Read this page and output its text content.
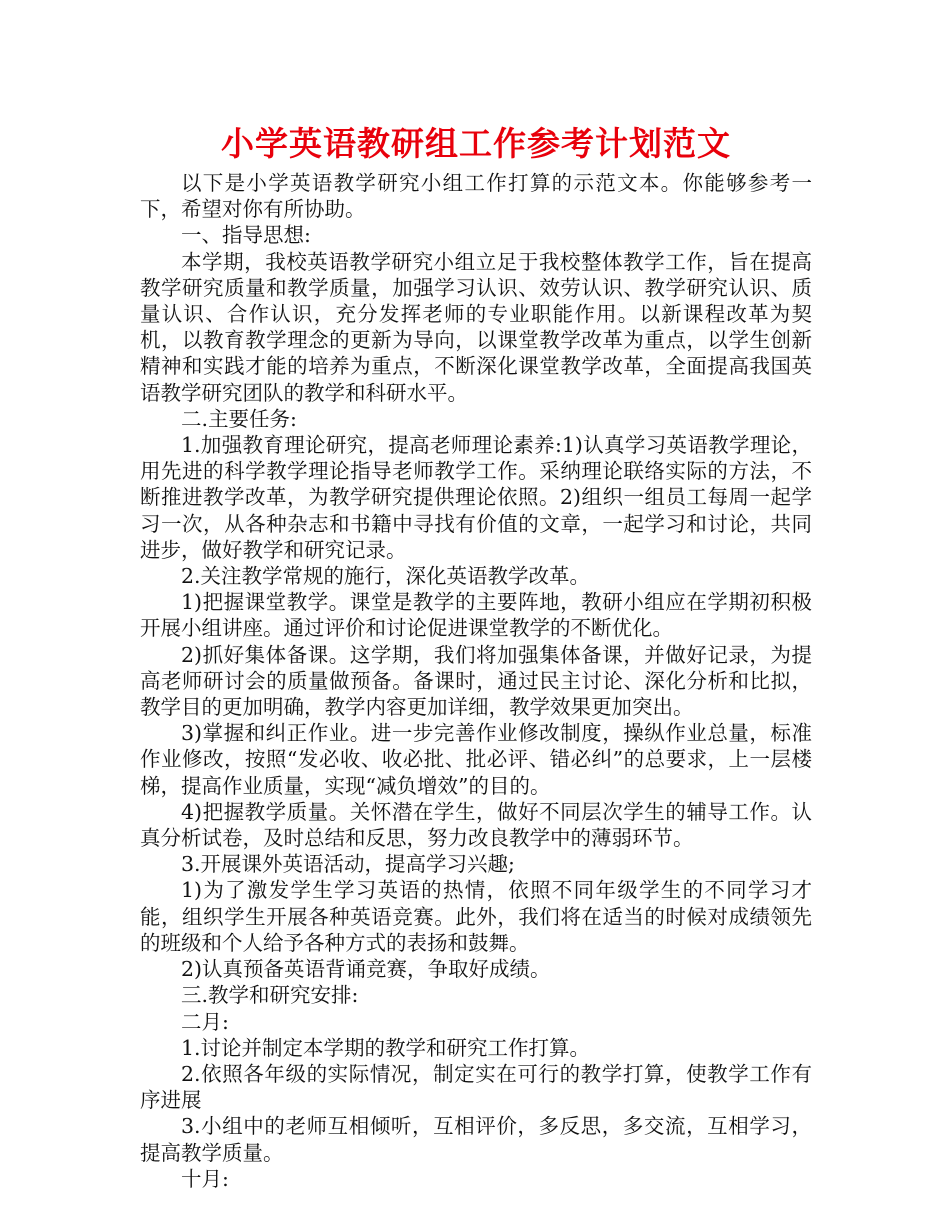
小学英语教研组工作参考计划范文

以下是小学英语教学研究小组工作打算的示范文本。你能够参考一下，希望对你有所协助。

一、指导思想:

本学期，我校英语教学研究小组立足于我校整体教学工作，旨在提高教学研究质量和教学质量，加强学习认识、效劳认识、教学研究认识、质量认识、合作认识，充分发挥老师的专业职能作用。以新课程改革为契机，以教育教学理念的更新为导向，以课堂教学改革为重点，以学生创新精神和实践才能的培养为重点，不断深化课堂教学改革，全面提高我国英语教学研究团队的教学和科研水平。

二.主要任务:

1.加强教育理论研究，提高老师理论素养:1)认真学习英语教学理论，用先进的科学教学理论指导老师教学工作。采纳理论联络实际的方法，不断推进教学改革，为教学研究提供理论依照。2)组织一组员工每周一起学习一次，从各种杂志和书籍中寻找有价值的文章，一起学习和讨论，共同进步，做好教学和研究记录。

2.关注教学常规的施行，深化英语教学改革。

1)把握课堂教学。课堂是教学的主要阵地，教研小组应在学期初积极开展小组讲座。通过评价和讨论促进课堂教学的不断优化。

2)抓好集体备课。这学期，我们将加强集体备课，并做好记录，为提高老师研讨会的质量做预备。备课时，通过民主讨论、深化分析和比拟，教学目的更加明确，教学内容更加详细，教学效果更加突出。

3)掌握和纠正作业。进一步完善作业修改制度，操纵作业总量，标准作业修改，按照“发必收、收必批、批必评、错必纠”的总要求，上一层楼梯，提高作业质量，实现“减负增效”的目的。

4)把握教学质量。关怀潜在学生，做好不同层次学生的辅导工作。认真分析试卷，及时总结和反思，努力改良教学中的薄弱环节。

3.开展课外英语活动，提高学习兴趣;

1)为了激发学生学习英语的热情，依照不同年级学生的不同学习才能，组织学生开展各种英语竞赛。此外，我们将在适当的时候对成绩领先的班级和个人给予各种方式的表扬和鼓舞。

2)认真预备英语背诵竞赛，争取好成绩。

三.教学和研究安排:

二月:

1.讨论并制定本学期的教学和研究工作打算。

2.依照各年级的实际情况，制定实在可行的教学打算，使教学工作有序进展

3.小组中的老师互相倾听，互相评价，多反思，多交流，互相学习，提高教学质量。

十月:
